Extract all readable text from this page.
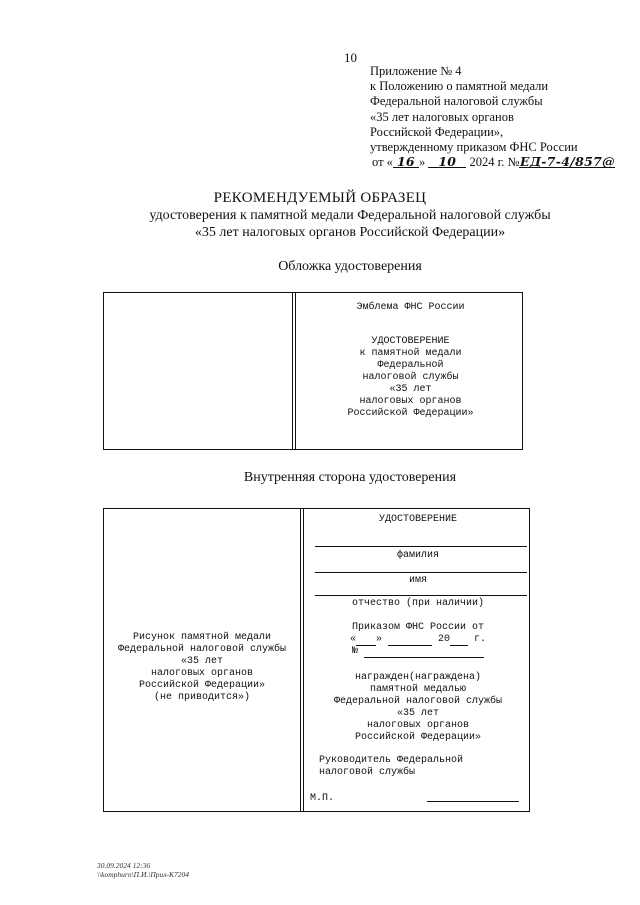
10
Приложение № 4
к Положению о памятной медали
Федеральной налоговой службы
«35 лет налоговых органов
Российской Федерации»,
утвержденному приказом ФНС России
от « 16 » 10 2024 г. №ЕД-7-4/857@
РЕКОМЕНДУЕМЫЙ ОБРАЗЕЦ
удостоверения к памятной медали Федеральной налоговой службы
«35 лет налоговых органов Российской Федерации»
Обложка удостоверения
Эмблема ФНС России
УДОСТОВЕРЕНИЕ
к памятной медали
Федеральной
налоговой службы
«35 лет
налоговых органов
Российской Федерации»
Внутренняя сторона удостоверения
Рисунок памятной медали
Федеральной налоговой службы
«35 лет
налоговых органов
Российской Федерации»
(не приводится»)
УДОСТОВЕРЕНИЕ
фамилия
имя
отчество (при наличии)
Приказом ФНС России от
« »	20 г.
№
награжден(награждена)
памятной медалью
Федеральной налоговой службы
«35 лет
налоговых органов
Российской Федерации»
Руководитель Федеральной
налоговой службы
М.П.
30.09.2024 12:36
\\komphurn\П.И.\Прил-К7204
